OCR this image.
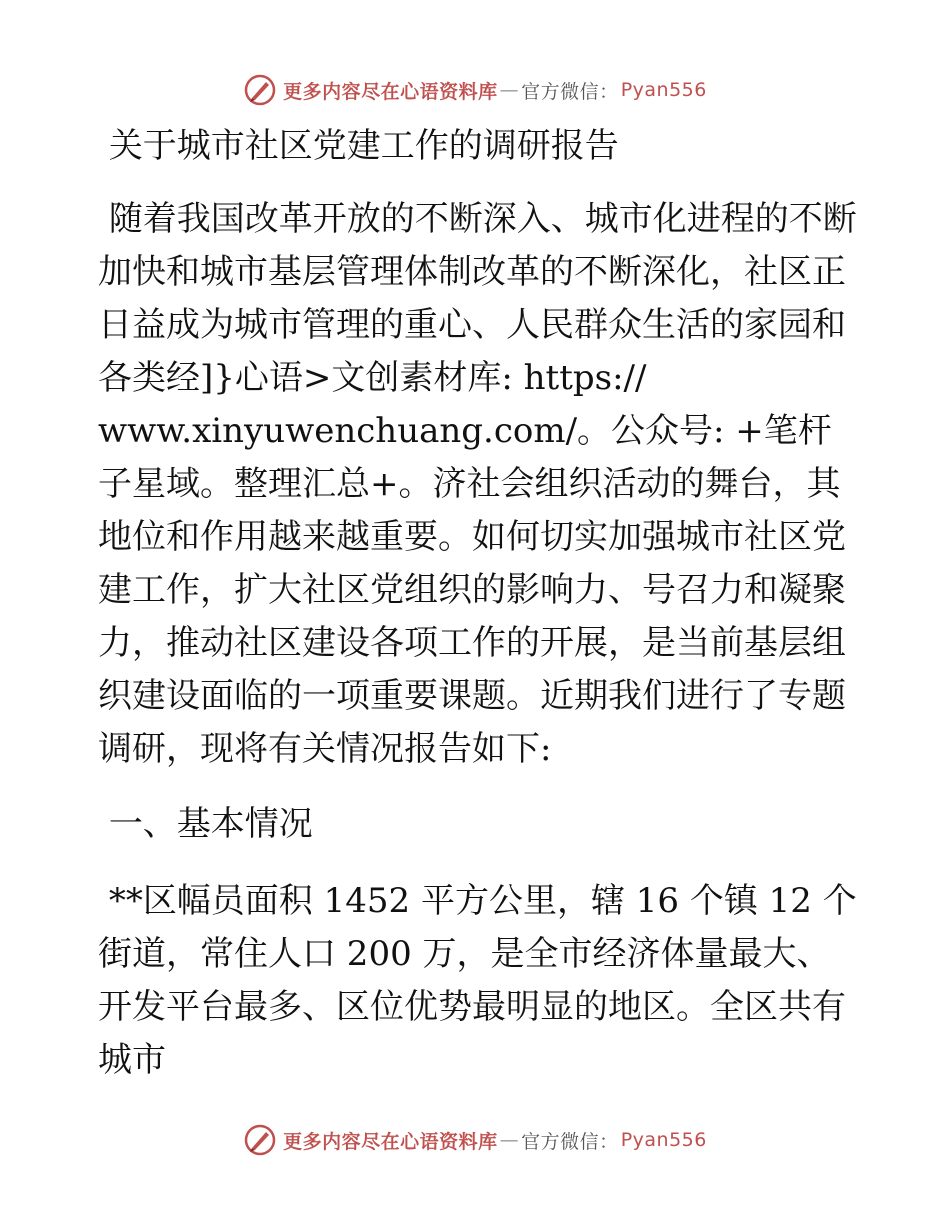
更多内容尽在心语资料库 — 官方微信： Pyan556

关于城市社区党建工作的调研报告

随着我国改革开放的不断深入、城市化进程的不断加快和城市基层管理体制改革的不断深化，社区正日益成为城市管理的重心、人民群众生活的家园和各类经]}心语>文创素材库: https://
www.xinyuwenchuang.com/。公众号: +笔杆子星域。整理汇总+。济社会组织活动的舞台，其地位和作用越来越重要。如何切实加强城市社区党建工作，扩大社区党组织的影响力、号召力和凝聚力，推动社区建设各项工作的开展，是当前基层组织建设面临的一项重要课题。近期我们进行了专题调研，现将有关情况报告如下:

一、基本情况

**区幅员面积 1452 平方公里，辖 16 个镇 12 个街道，常住人口 200 万，是全市经济体量最大、开发平台最多、区位优势最明显的地区。全区共有城市

更多内容尽在心语资料库 — 官方微信： Pyan556
